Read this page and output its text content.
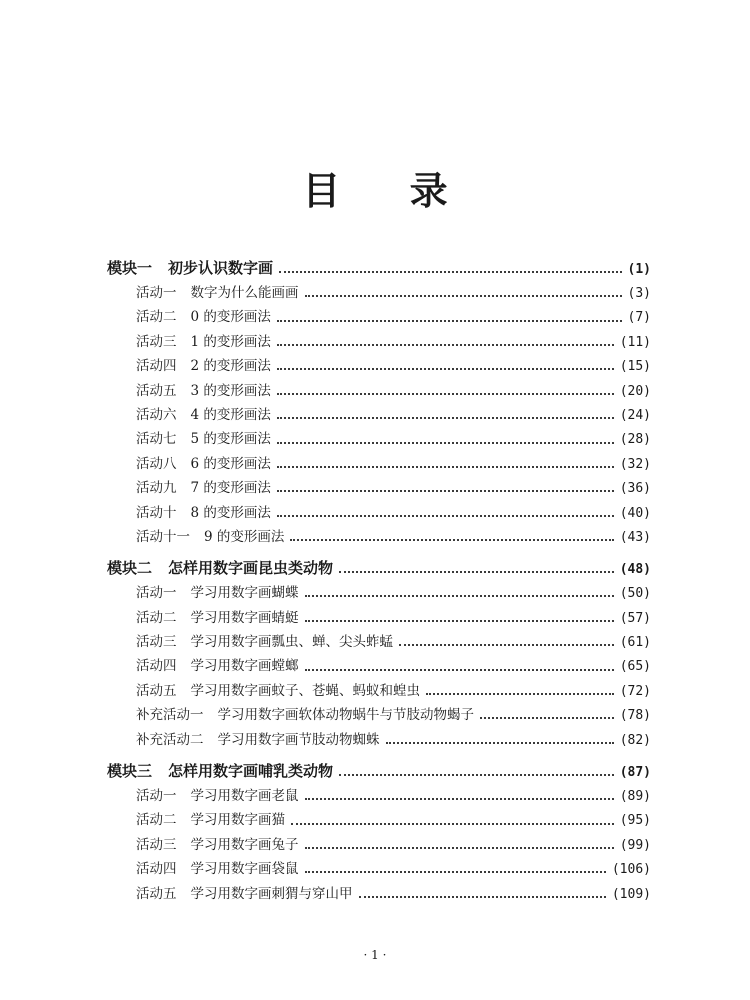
目 录
模块一 初步认识数字画	(1)
活动一 数字为什么能画画	(3)
活动二 0 的变形画法	(7)
活动三 1 的变形画法	(11)
活动四 2 的变形画法	(15)
活动五 3 的变形画法	(20)
活动六 4 的变形画法	(24)
活动七 5 的变形画法	(28)
活动八 6 的变形画法	(32)
活动九 7 的变形画法	(36)
活动十 8 的变形画法	(40)
活动十一 9 的变形画法	(43)
模块二 怎样用数字画昆虫类动物	(48)
活动一 学习用数字画蝴蝶	(50)
活动二 学习用数字画蜻蜓	(57)
活动三 学习用数字画瓢虫、蝉、尖头蚱蜢	(61)
活动四 学习用数字画螳螂	(65)
活动五 学习用数字画蚊子、苍蝇、蚂蚁和蝗虫	(72)
补充活动一 学习用数字画软体动物蜗牛与节肢动物蝎子	(78)
补充活动二 学习用数字画节肢动物蜘蛛	(82)
模块三 怎样用数字画哺乳类动物	(87)
活动一 学习用数字画老鼠	(89)
活动二 学习用数字画猫	(95)
活动三 学习用数字画兔子	(99)
活动四 学习用数字画袋鼠	(106)
活动五 学习用数字画刺猬与穿山甲	(109)
· 1 ·
